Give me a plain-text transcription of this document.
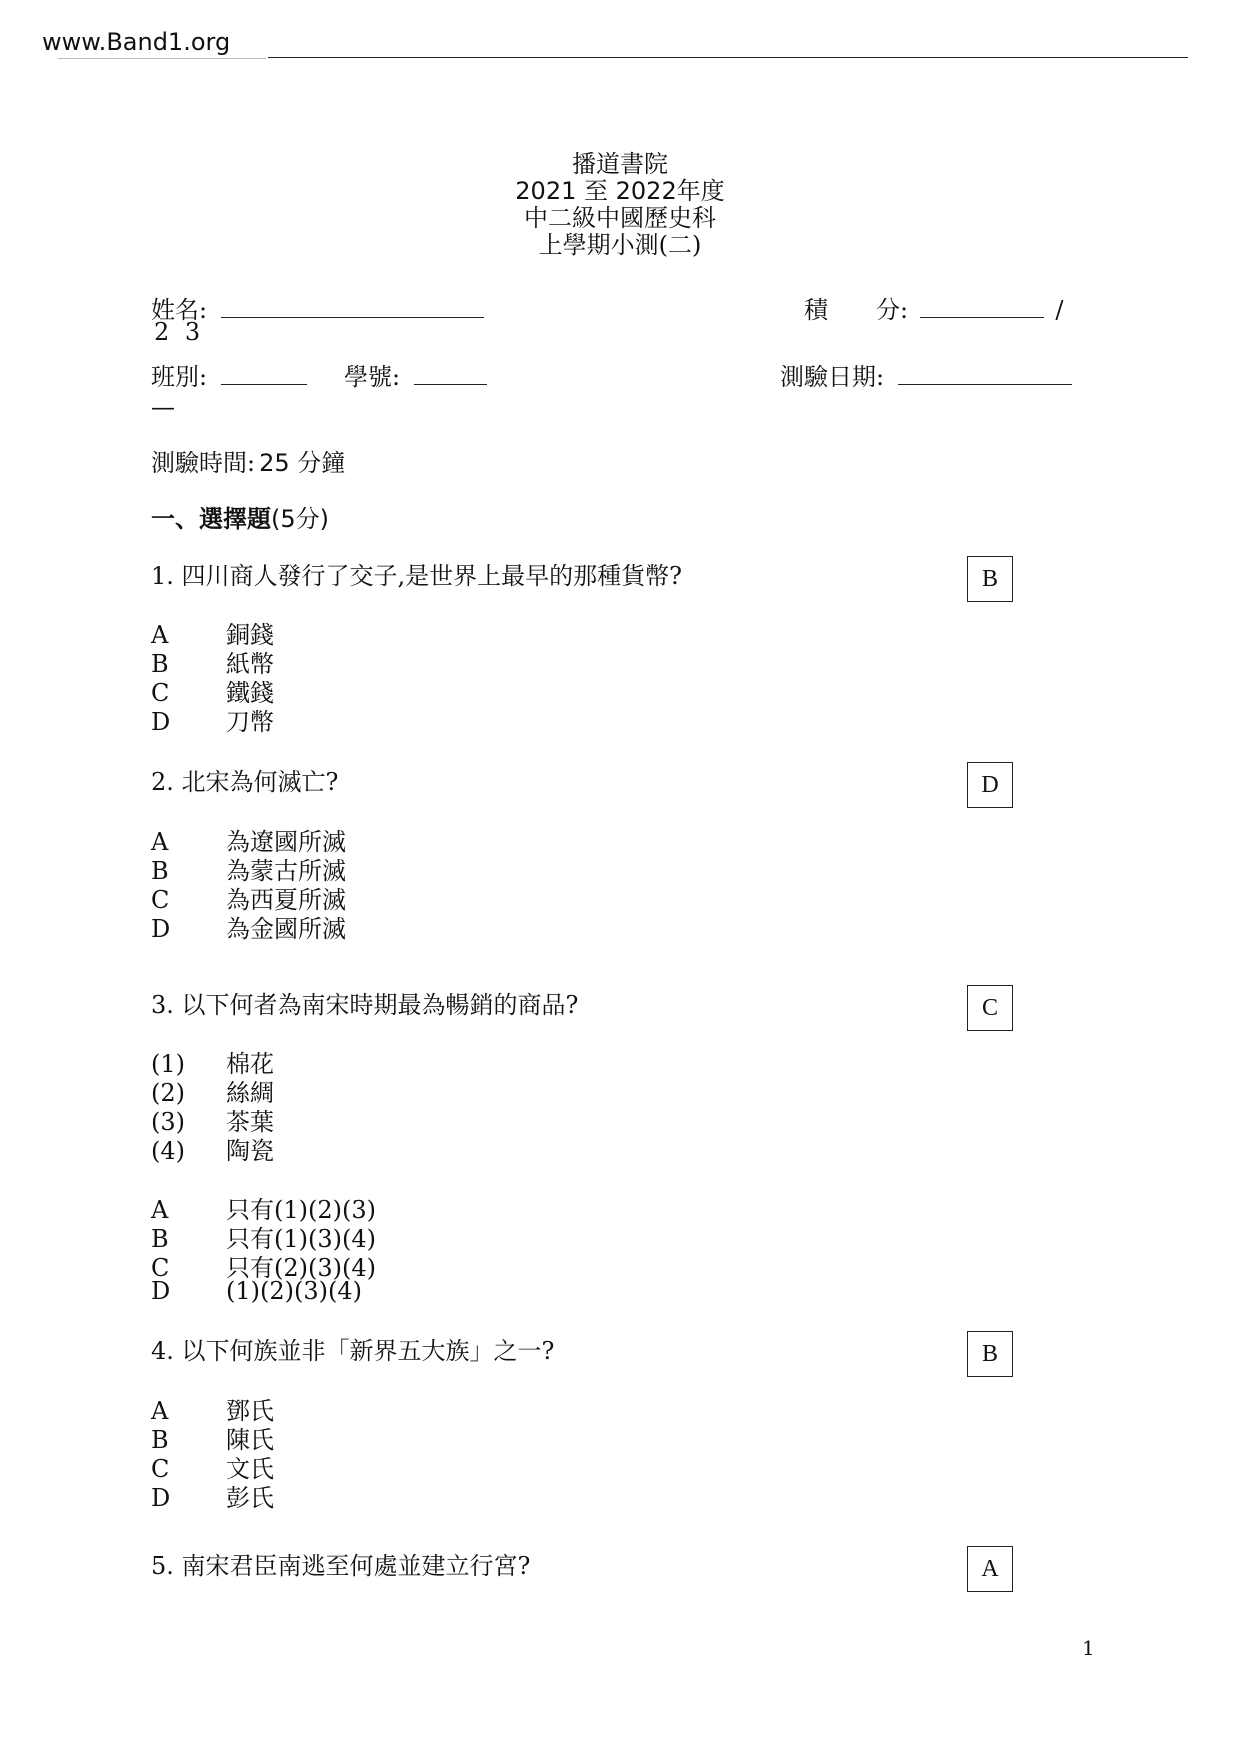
www.Band1.org
播道書院
2021 至 2022年度
中二級中國歷史科
上學期小測(二)
姓名:	積 分:	/
2 3
班別:	學號:	測驗日期:
—
測驗時間: 25 分鐘
一、選擇題(5分)
1. 四川商人發行了交子,是世界上最早的那種貨幣?	B
A 銅錢
B 紙幣
C 鐵錢
D 刀幣
2. 北宋為何滅亡?	D
A 為遼國所滅
B 為蒙古所滅
C 為西夏所滅
D 為金國所滅
3. 以下何者為南宋時期最為暢銷的商品?	C
(1) 棉花
(2) 絲綢
(3) 茶葉
(4) 陶瓷
A 只有(1)(2)(3)
B 只有(1)(3)(4)
C 只有(2)(3)(4)
D (1)(2)(3)(4)
4. 以下何族並非「新界五大族」之一?	B
A 鄧氏
B 陳氏
C 文氏
D 彭氏
5. 南宋君臣南逃至何處並建立行宮?	A
1
